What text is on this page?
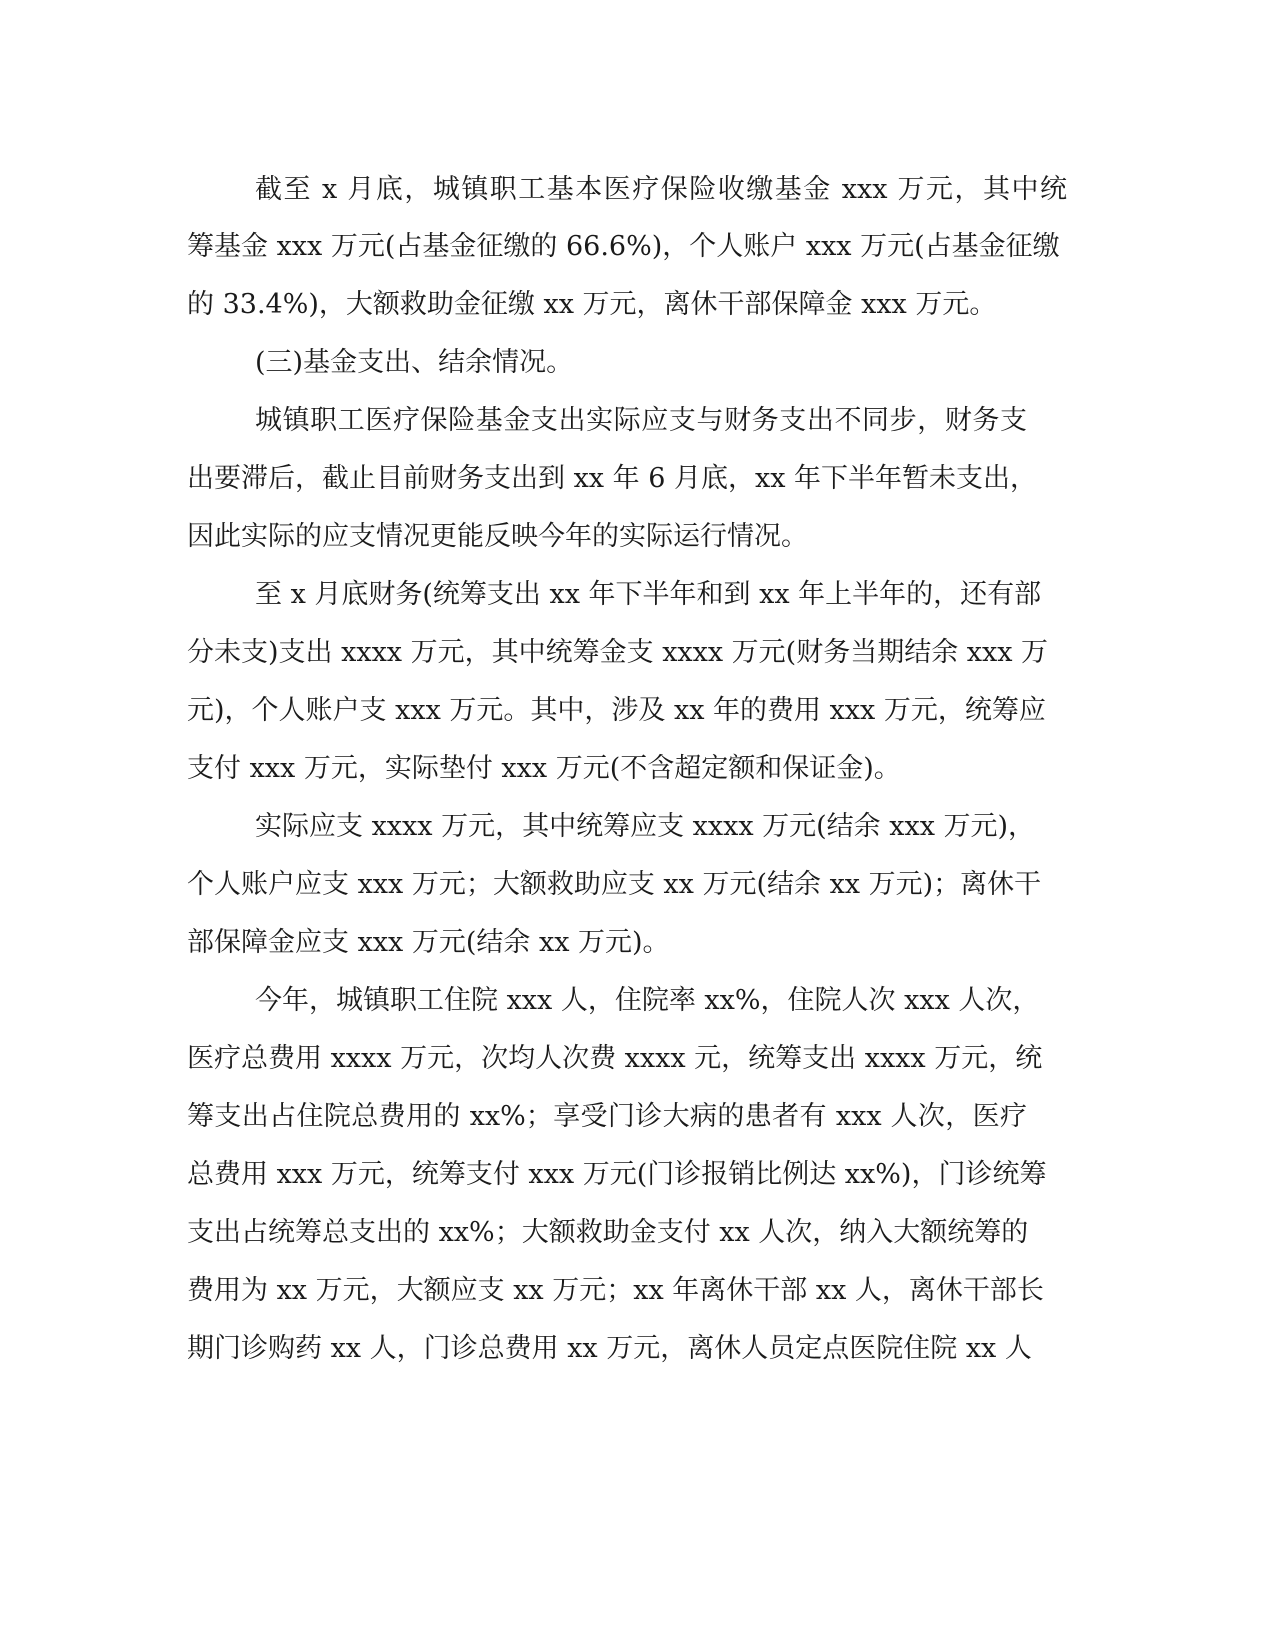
截至 x 月底，城镇职工基本医疗保险收缴基金 xxx 万元，其中统
筹基金 xxx 万元(占基金征缴的 66.6%)，个人账户 xxx 万元(占基金征缴
的 33.4%)，大额救助金征缴 xx 万元，离休干部保障金 xxx 万元。
(三)基金支出、结余情况。
城镇职工医疗保险基金支出实际应支与财务支出不同步，财务支
出要滞后，截止目前财务支出到 xx 年 6 月底，xx 年下半年暂未支出，
因此实际的应支情况更能反映今年的实际运行情况。
至 x 月底财务(统筹支出 xx 年下半年和到 xx 年上半年的，还有部
分未支)支出 xxxx 万元，其中统筹金支 xxxx 万元(财务当期结余 xxx 万
元)，个人账户支 xxx 万元。其中，涉及 xx 年的费用 xxx 万元，统筹应
支付 xxx 万元，实际垫付 xxx 万元(不含超定额和保证金)。
实际应支 xxxx 万元，其中统筹应支 xxxx 万元(结余 xxx 万元)，
个人账户应支 xxx 万元；大额救助应支 xx 万元(结余 xx 万元)；离休干
部保障金应支 xxx 万元(结余 xx 万元)。
今年，城镇职工住院 xxx 人，住院率 xx%，住院人次 xxx 人次，
医疗总费用 xxxx 万元，次均人次费 xxxx 元，统筹支出 xxxx 万元，统
筹支出占住院总费用的 xx%；享受门诊大病的患者有 xxx 人次，医疗
总费用 xxx 万元，统筹支付 xxx 万元(门诊报销比例达 xx%)，门诊统筹
支出占统筹总支出的 xx%；大额救助金支付 xx 人次，纳入大额统筹的
费用为 xx 万元，大额应支 xx 万元；xx 年离休干部 xx 人，离休干部长
期门诊购药 xx 人，门诊总费用 xx 万元，离休人员定点医院住院 xx 人
